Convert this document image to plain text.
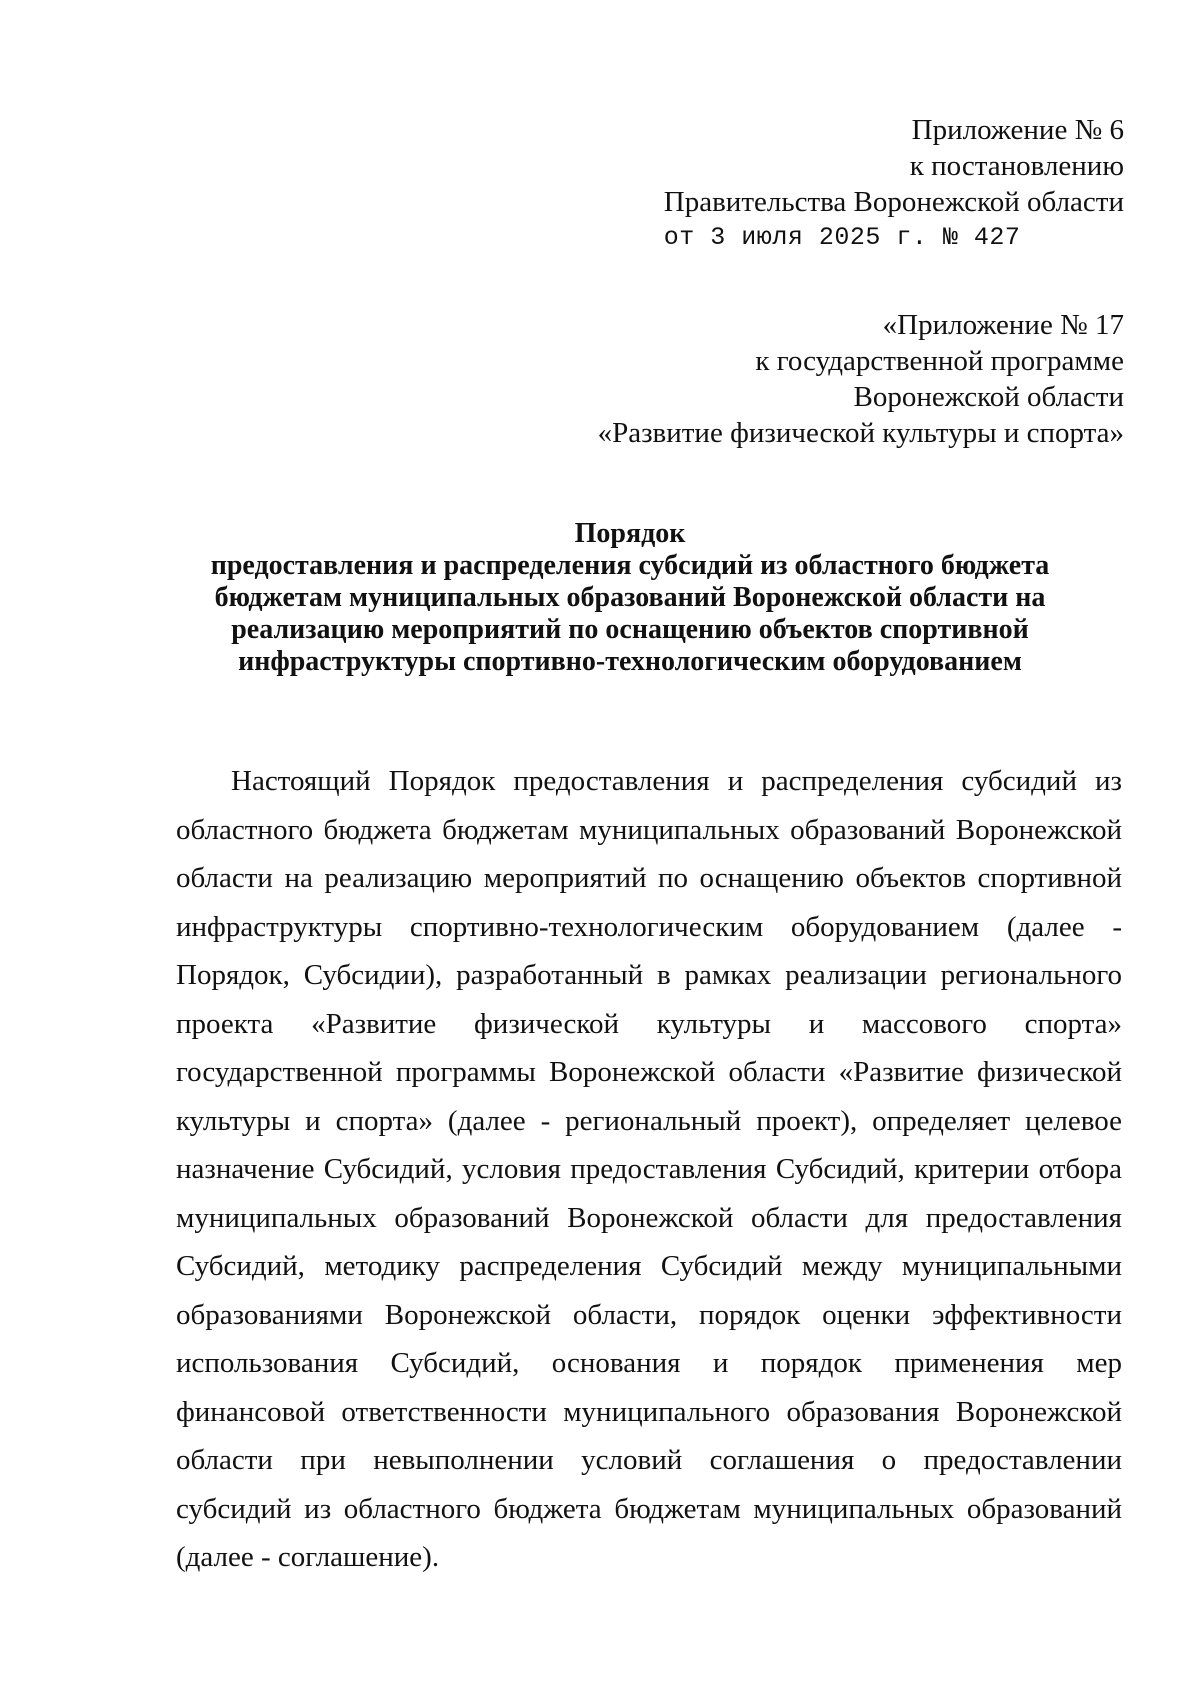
Приложение № 6
к постановлению
Правительства Воронежской области
от 3 июля 2025 г. № 427
«Приложение № 17
к государственной программе
Воронежской области
«Развитие физической культуры и спорта»
Порядок
предоставления и распределения субсидий из областного бюджета
бюджетам муниципальных образований Воронежской области на
реализацию мероприятий по оснащению объектов спортивной
инфраструктуры спортивно-технологическим оборудованием

Настоящий Порядок предоставления и распределения субсидий из областного бюджета бюджетам муниципальных образований Воронежской области на реализацию мероприятий по оснащению объектов спортивной инфраструктуры спортивно-технологическим оборудованием (далее - Порядок, Субсидии), разработанный в рамках реализации регионального проекта «Развитие физической культуры и массового спорта» государственной программы Воронежской области «Развитие физической культуры и спорта» (далее - региональный проект), определяет целевое назначение Субсидий, условия предоставления Субсидий, критерии отбора муниципальных образований Воронежской области для предоставления Субсидий, методику распределения Субсидий между муниципальными образованиями Воронежской области, порядок оценки эффективности использования Субсидий, основания и порядок применения мер финансовой ответственности муниципального образования Воронежской области при невыполнении условий соглашения о предоставлении субсидий из областного бюджета бюджетам муниципальных образований (далее - соглашение).
